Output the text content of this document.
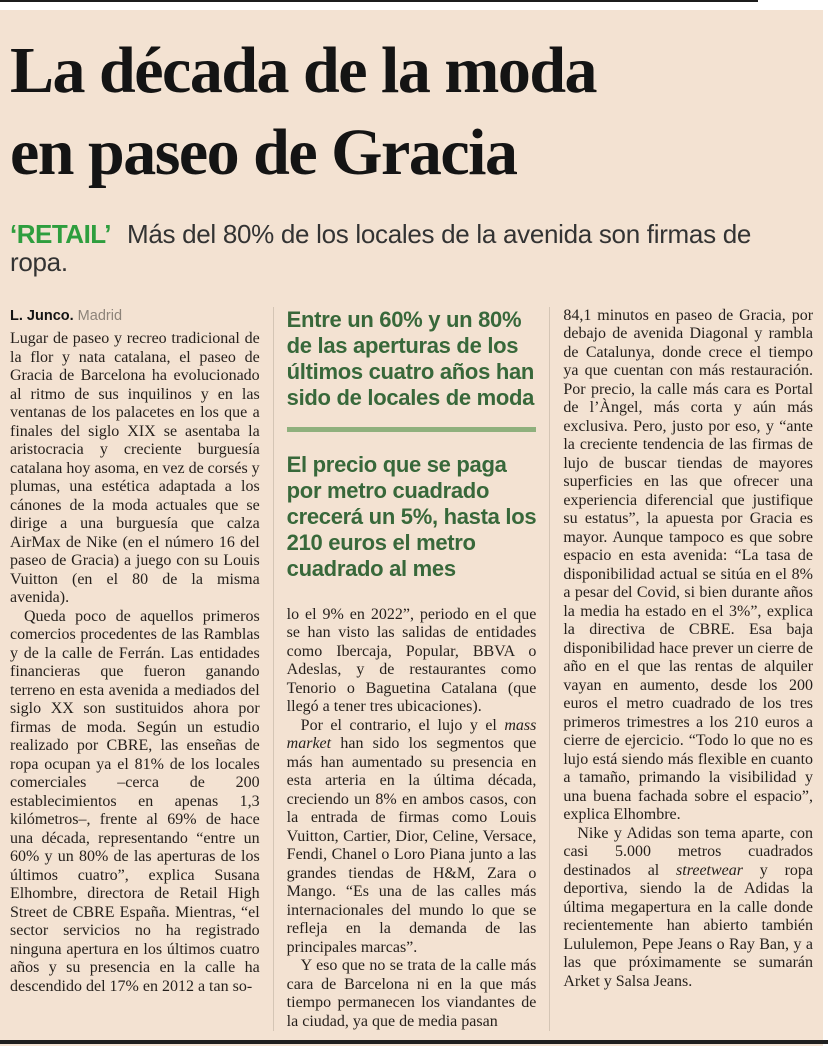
La década de la moda
en paseo de Gracia
‘RETAIL’ Más del 80% de los locales de la avenida son firmas de ropa.
L. Junco. Madrid

Lugar de paseo y recreo tradicional de la flor y nata catalana, el paseo de Gracia de Barcelona ha evolucionado al ritmo de sus inquilinos y en las ventanas de los palacetes en los que a finales del siglo XIX se asentaba la aristocracia y creciente burguesía catalana hoy asoma, en vez de corsés y plumas, una estética adaptada a los cánones de la moda actuales que se dirige a una burguesía que calza AirMax de Nike (en el número 16 del paseo de Gracia) a juego con su Louis Vuitton (en el 80 de la misma avenida).

Queda poco de aquellos primeros comercios procedentes de las Ramblas y de la calle de Ferrán. Las entidades financieras que fueron ganando terreno en esta avenida a mediados del siglo XX son sustituidos ahora por firmas de moda. Según un estudio realizado por CBRE, las enseñas de ropa ocupan ya el 81% de los locales comerciales –cerca de 200 establecimientos en apenas 1,3 kilómetros–, frente al 69% de hace una década, representando “entre un 60% y un 80% de las aperturas de los últimos cuatro”, explica Susana Elhombre, directora de Retail High Street de CBRE España. Mientras, “el sector servicios no ha registrado ninguna apertura en los últimos cuatro años y su presencia en la calle ha descendido del 17% en 2012 a tan so-

Entre un 60% y un 80% de las aperturas de los últimos cuatro años han sido de locales de moda
El precio que se paga por metro cuadrado crecerá un 5%, hasta los 210 euros el metro cuadrado al mes

lo el 9% en 2022”, periodo en el que se han visto las salidas de entidades como Ibercaja, Popular, BBVA o Adeslas, y de restaurantes como Tenorio o Baguetina Catalana (que llegó a tener tres ubicaciones).

Por el contrario, el lujo y el mass market han sido los segmentos que más han aumentado su presencia en esta arteria en la última década, creciendo un 8% en ambos casos, con la entrada de firmas como Louis Vuitton, Cartier, Dior, Celine, Versace, Fendi, Chanel o Loro Piana junto a las grandes tiendas de H&M, Zara o Mango. “Es una de las calles más internacionales del mundo lo que se refleja en la demanda de las principales marcas”.

Y eso que no se trata de la calle más cara de Barcelona ni en la que más tiempo permanecen los viandantes de la ciudad, ya que de media pasan

84,1 minutos en paseo de Gracia, por debajo de avenida Diagonal y rambla de Catalunya, donde crece el tiempo ya que cuentan con más restauración. Por precio, la calle más cara es Portal de l’Àngel, más corta y aún más exclusiva. Pero, justo por eso, y “ante la creciente tendencia de las firmas de lujo de buscar tiendas de mayores superficies en las que ofrecer una experiencia diferencial que justifique su estatus”, la apuesta por Gracia es mayor. Aunque tampoco es que sobre espacio en esta avenida: “La tasa de disponibilidad actual se sitúa en el 8% a pesar del Covid, si bien durante años la media ha estado en el 3%”, explica la directiva de CBRE. Esa baja disponibilidad hace prever un cierre de año en el que las rentas de alquiler vayan en aumento, desde los 200 euros el metro cuadrado de los tres primeros trimestres a los 210 euros a cierre de ejercicio. “Todo lo que no es lujo está siendo más flexible en cuanto a tamaño, primando la visibilidad y una buena fachada sobre el espacio”, explica Elhombre.

Nike y Adidas son tema aparte, con casi 5.000 metros cuadrados destinados al streetwear y ropa deportiva, siendo la de Adidas la última megapertura en la calle donde recientemente han abierto también Lululemon, Pepe Jeans o Ray Ban, y a las que próximamente se sumarán Arket y Salsa Jeans.
